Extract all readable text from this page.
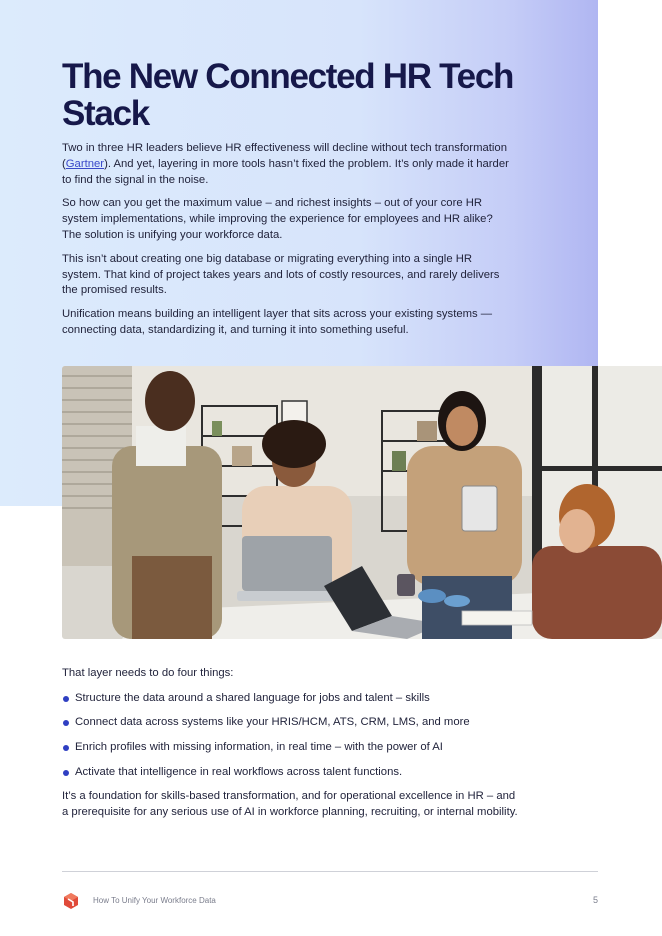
The New Connected HR Tech Stack

Two in three HR leaders believe HR effectiveness will decline without tech transformation (Gartner). And yet, layering in more tools hasn’t fixed the problem. It’s only made it harder to find the signal in the noise.

So how can you get the maximum value – and richest insights – out of your core HR system implementations, while improving the experience for employees and HR alike? The solution is unifying your workforce data.

This isn’t about creating one big database or migrating everything into a single HR system. That kind of project takes years and lots of costly resources, and rarely delivers the promised results.

Unification means building an intelligent layer that sits across your existing systems — connecting data, standardizing it, and turning it into something useful.

That layer needs to do four things:

Structure the data around a shared language for jobs and talent – skills
Connect data across systems like your HRIS/HCM, ATS, CRM, LMS, and more
Enrich profiles with missing information, in real time – with the power of AI
Activate that intelligence in real workflows across talent functions.

It’s a foundation for skills-based transformation, and for operational excellence in HR – and a prerequisite for any serious use of AI in workforce planning, recruiting, or internal mobility.

How To Unify Your Workforce Data	5
